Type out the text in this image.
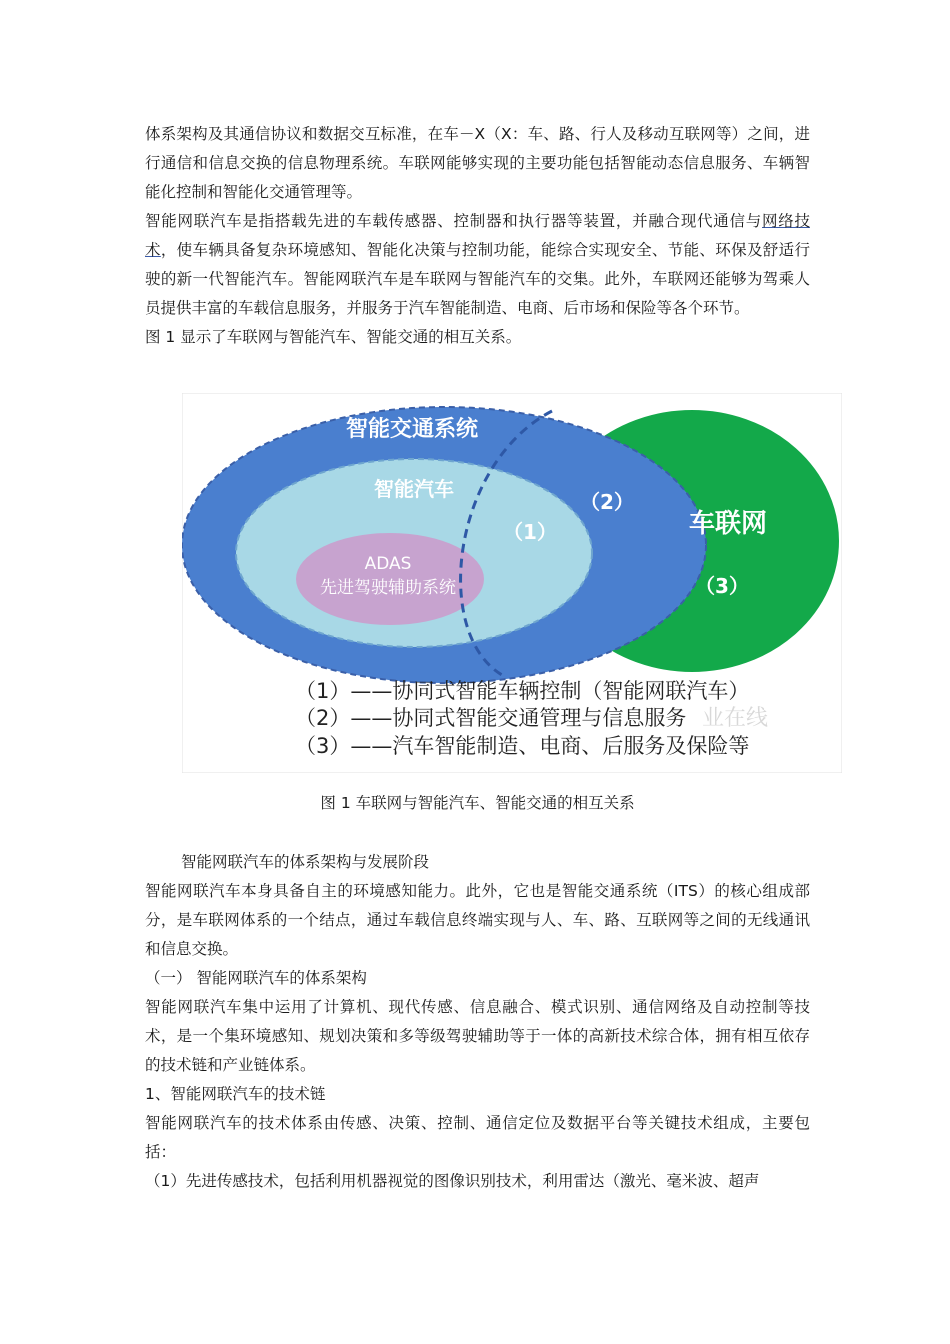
体系架构及其通信协议和数据交互标准，在车－X（X：车、路、行人及移动互联网等）之间，进行通信和信息交换的信息物理系统。车联网能够实现的主要功能包括智能动态信息服务、车辆智能化控制和智能化交通管理等。

智能网联汽车是指搭载先进的车载传感器、控制器和执行器等装置，并融合现代通信与网络技术，使车辆具备复杂环境感知、智能化决策与控制功能，能综合实现安全、节能、环保及舒适行驶的新一代智能汽车。智能网联汽车是车联网与智能汽车的交集。此外，车联网还能够为驾乘人员提供丰富的车载信息服务，并服务于汽车智能制造、电商、后市场和保险等各个环节。

图 1 显示了车联网与智能汽车、智能交通的相互关系。

智能交通系统
智能汽车
ADAS
先进驾驶辅助系统
（1）
（2）
车联网
（3）
（1）——协同式智能车辆控制（智能网联汽车）
（2）——协同式智能交通管理与信息服务
（3）——汽车智能制造、电商、后服务及保险等
业在线
图 1 车联网与智能汽车、智能交通的相互关系

智能网联汽车的体系架构与发展阶段

智能网联汽车本身具备自主的环境感知能力。此外，它也是智能交通系统（ITS）的核心组成部分，是车联网体系的一个结点，通过车载信息终端实现与人、车、路、互联网等之间的无线通讯和信息交换。

（一） 智能网联汽车的体系架构

智能网联汽车集中运用了计算机、现代传感、信息融合、模式识别、通信网络及自动控制等技术，是一个集环境感知、规划决策和多等级驾驶辅助等于一体的高新技术综合体，拥有相互依存的技术链和产业链体系。

1、智能网联汽车的技术链

智能网联汽车的技术体系由传感、决策、控制、通信定位及数据平台等关键技术组成，主要包括：

（1）先进传感技术，包括利用机器视觉的图像识别技术，利用雷达（激光、毫米波、超声
